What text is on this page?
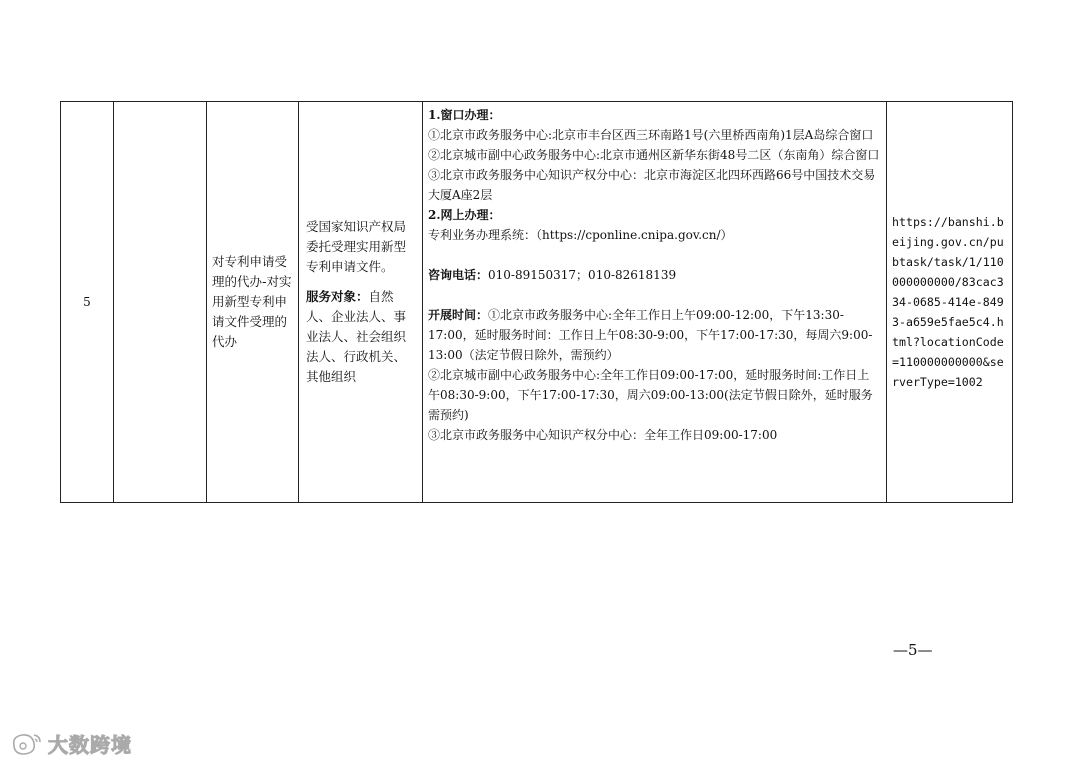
5
对专利申请受理的代办-对实用新型专利申请文件受理的代办
受国家知识产权局委托受理实用新型专利申请文件。
服务对象：自然人、企业法人、事业法人、社会组织法人、行政机关、其他组织
1.窗口办理：
①北京市政务服务中心:北京市丰台区西三环南路1号(六里桥西南角)1层A岛综合窗口
②北京城市副中心政务服务中心:北京市通州区新华东街48号二区（东南角）综合窗口
③北京市政务服务中心知识产权分中心：北京市海淀区北四环西路66号中国技术交易大厦A座2层
2.网上办理：
专利业务办理系统：（https://cponline.cnipa.gov.cn/）
咨询电话：010-89150317；010-82618139
开展时间：①北京市政务服务中心:全年工作日上午09:00-12:00，下午13:30-17:00，延时服务时间：工作日上午08:30-9:00，下午17:00-17:30，每周六9:00-13:00（法定节假日除外，需预约）
②北京城市副中心政务服务中心:全年工作日09:00-17:00，延时服务时间:工作日上午08:30-9:00，下午17:00-17:30，周六09:00-13:00(法定节假日除外，延时服务需预约)
③北京市政务服务中心知识产权分中心：全年工作日09:00-17:00
https://banshi.beijing.gov.cn/pubtask/task/1/110000000000/83cac334-0685-414e-8493-a659e5fae5c4.html?locationCode=110000000000&serverType=1002
—5—
大数跨境
